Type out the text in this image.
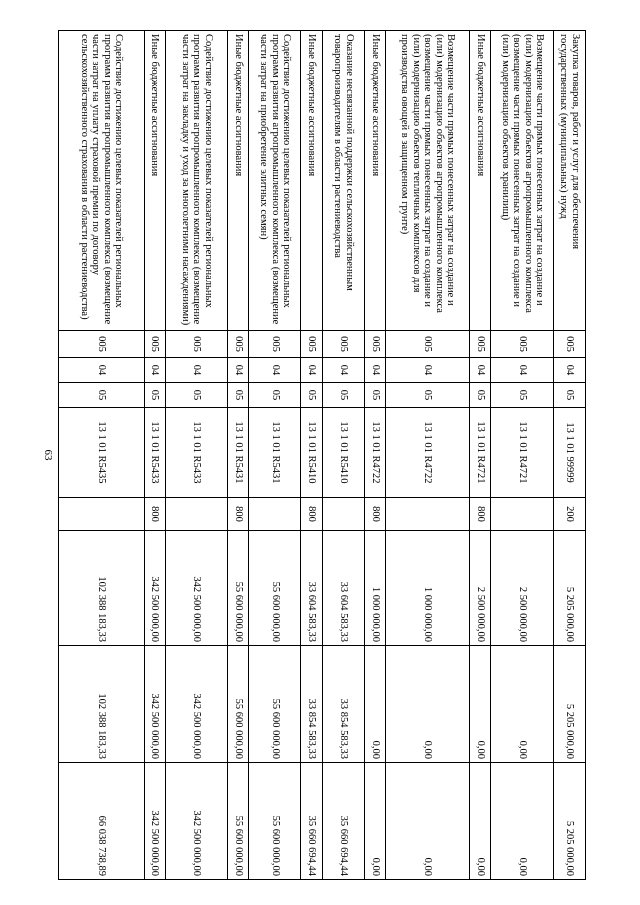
63
Закупка товаров, работ и услуг для обеспечения государственных (муниципальных) нужд	005	04	05	13 1 01 99999	200	5 205 000,00	5 205 000,00	5 205 000,00
Возмещение части прямых понесенных затрат на создание и (или) модернизацию объектов агропромышленного комплекса (возмещение части прямых понесенных затрат на создание и (или) модернизацию объектов хранилищ)	005	04	05	13 1 01 R4721		2 500 000,00	0,00	0,00
Иные бюджетные ассигнования	005	04	05	13 1 01 R4721	800	2 500 000,00	0,00	0,00
Возмещение части прямых понесенных затрат на создание и (или) модернизацию объектов агропромышленного комплекса (возмещение части прямых понесенных затрат на создание и (или) модернизацию объектов тепличных комплексов для производства овощей в защищенном грунте)	005	04	05	13 1 01 R4722		1 000 000,00	0,00	0,00
Иные бюджетные ассигнования	005	04	05	13 1 01 R4722	800	1 000 000,00	0,00	0,00
Оказание несвязанной поддержки сельскохозяйственным товаропроизводителям в области растениеводства	005	04	05	13 1 01 R5410		33 604 583,33	33 854 583,33	35 660 694,44
Иные бюджетные ассигнования	005	04	05	13 1 01 R5410	800	33 604 583,33	33 854 583,33	35 660 694,44
Содействие достижению целевых показателей региональных программ развития агропромышленного комплекса (возмещение части затрат на приобретение элитных семян)	005	04	05	13 1 01 R5431		55 600 000,00	55 600 000,00	55 600 000,00
Иные бюджетные ассигнования	005	04	05	13 1 01 R5431	800	55 600 000,00	55 600 000,00	55 600 000,00
Содействие достижению целевых показателей региональных программ развития агропромышленного комплекса (возмещение части затрат на закладку и уход за многолетними насаждениями)	005	04	05	13 1 01 R5433		342 500 000,00	342 500 000,00	342 500 000,00
Иные бюджетные ассигнования	005	04	05	13 1 01 R5433	800	342 500 000,00	342 500 000,00	342 500 000,00
Содействие достижению целевых показателей региональных программ развития агропромышленного комплекса (возмещение части затрат на уплату страховой премии по договору сельскохозяйственного страхования в области растениеводства)	005	04	05	13 1 01 R5435		102 388 183,33	102 388 183,33	66 038 738,89
